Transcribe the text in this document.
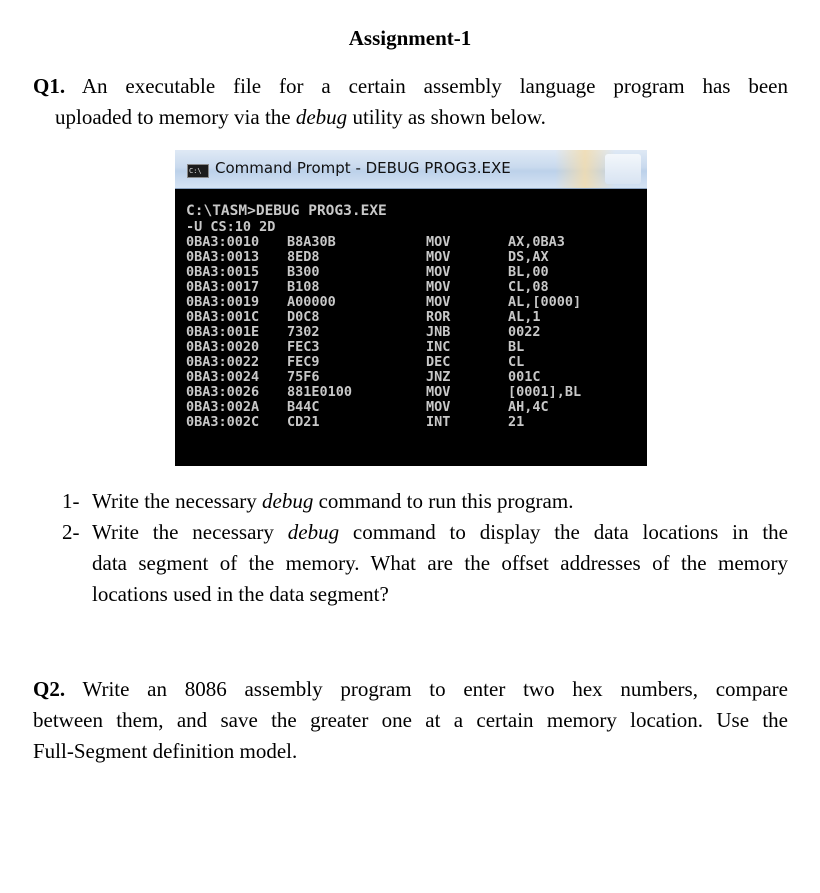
Assignment-1
Q1. An executable file for a certain assembly language program has been
uploaded to memory via the debug utility as shown below.
C:\ Command Prompt - DEBUG PROG3.EXE
C:\TASM>DEBUG PROG3.EXE
-U CS:10 2D
0BA3:0010 B8A30B	MOV	AX,0BA3
0BA3:0013 8ED8	MOV	DS,AX
0BA3:0015 B300	MOV	BL,00
0BA3:0017 B108	MOV	CL,08
0BA3:0019 A00000	MOV	AL,[0000]
0BA3:001C D0C8	ROR	AL,1
0BA3:001E 7302	JNB	0022
0BA3:0020 FEC3	INC	BL
0BA3:0022 FEC9	DEC	CL
0BA3:0024 75F6	JNZ	001C
0BA3:0026 881E0100	MOV	[0001],BL
0BA3:002A B44C	MOV	AH,4C
0BA3:002C CD21	INT	21
1- Write the necessary debug command to run this program.
2- Write the necessary debug command to display the data locations in the
data segment of the memory. What are the offset addresses of the memory
locations used in the data segment?
Q2. Write an 8086 assembly program to enter two hex numbers, compare
between them, and save the greater one at a certain memory location. Use the
Full-Segment definition model.
